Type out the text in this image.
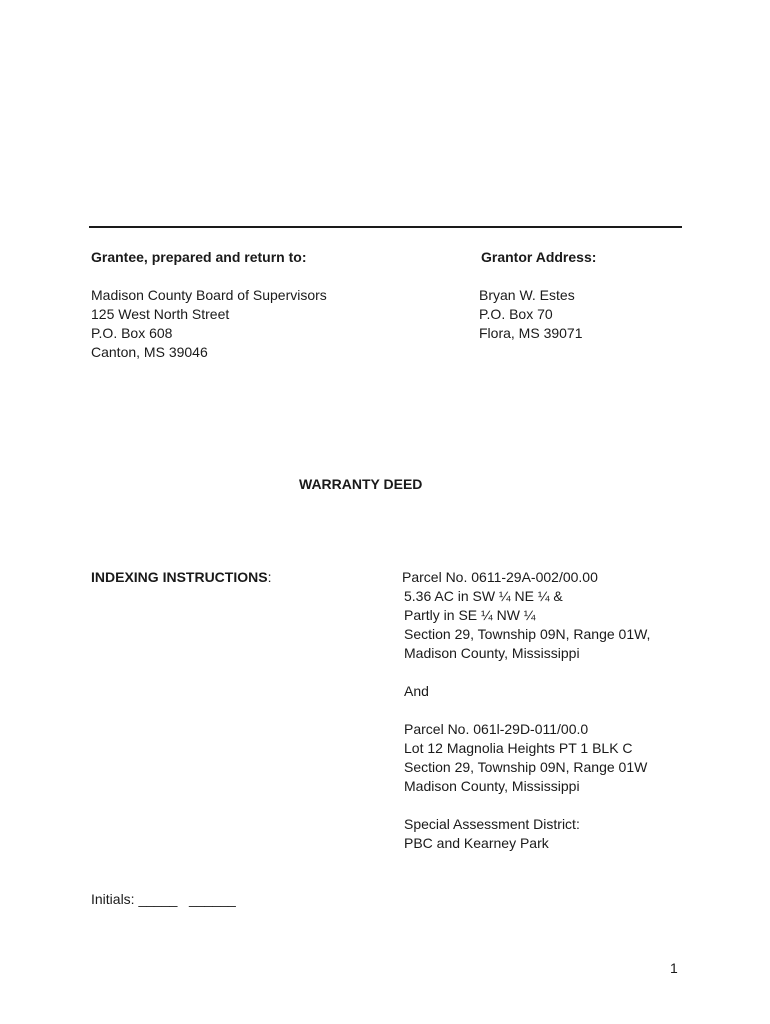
Grantee, prepared and return to:	Grantor Address:
Madison County Board of Supervisors
125 West North Street
P.O. Box 608
Canton, MS 39046
Bryan W. Estes
P.O. Box 70
Flora, MS 39071
WARRANTY DEED
INDEXING INSTRUCTIONS:	Parcel No. 0611-29A-002/00.00
5.36 AC in SW ¼ NE ¼ &
Partly in SE ¼ NW ¼
Section 29, Township 09N, Range 01W,
Madison County, Mississippi
And
Parcel No. 061l-29D-011/00.0
Lot 12 Magnolia Heights PT 1 BLK C
Section 29, Township 09N, Range 01W
Madison County, Mississippi
Special Assessment District:
PBC and Kearney Park
Initials: _____   ______
1
